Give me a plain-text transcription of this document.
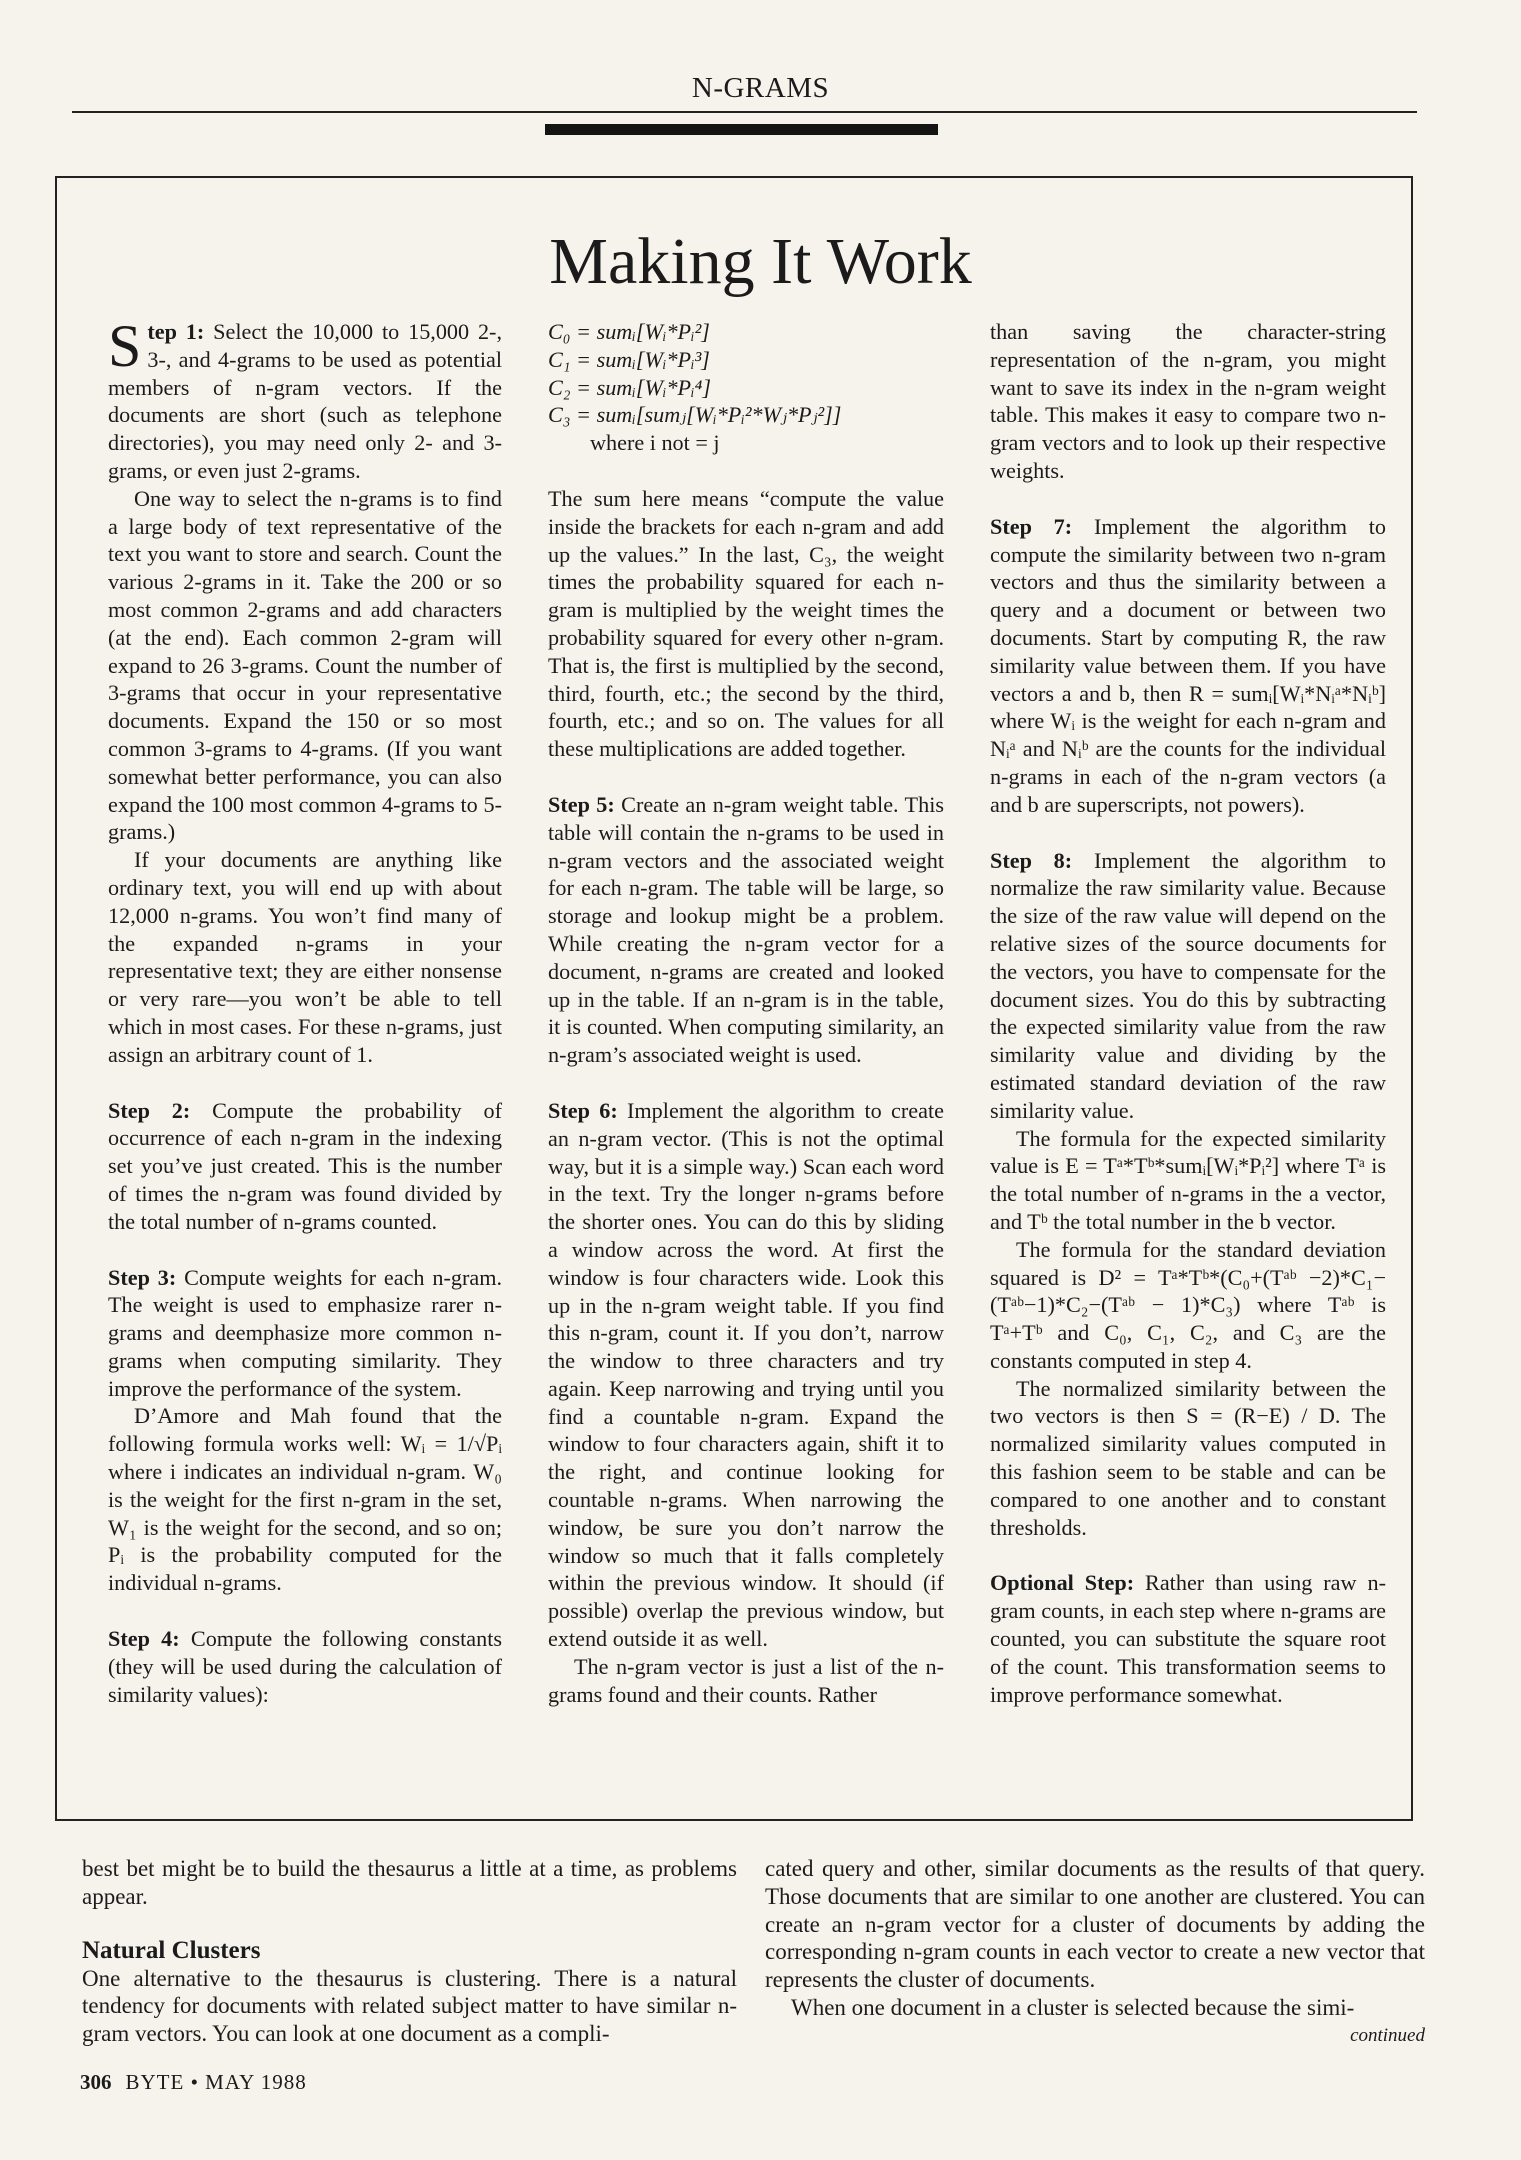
N-GRAMS
Making It Work

Step 1: Select the 10,000 to 15,000 2-, 3-, and 4-grams to be used as potential members of n-gram vectors. If the documents are short (such as telephone directories), you may need only 2- and 3-grams, or even just 2-grams.

One way to select the n-grams is to find a large body of text representative of the text you want to store and search. Count the various 2-grams in it. Take the 200 or so most common 2-grams and add characters (at the end). Each common 2-gram will expand to 26 3-grams. Count the number of 3-grams that occur in your representative documents. Expand the 150 or so most common 3-grams to 4-grams. (If you want somewhat better performance, you can also expand the 100 most common 4-grams to 5-grams.)

If your documents are anything like ordinary text, you will end up with about 12,000 n-grams. You won’t find many of the expanded n-grams in your representative text; they are either nonsense or very rare—you won’t be able to tell which in most cases. For these n-grams, just assign an arbitrary count of 1.

Step 2: Compute the probability of occurrence of each n-gram in the indexing set you’ve just created. This is the number of times the n-gram was found divided by the total number of n-grams counted.

Step 3: Compute weights for each n-gram. The weight is used to emphasize rarer n-grams and deemphasize more common n-grams when computing similarity. They improve the performance of the system.

D’Amore and Mah found that the following formula works well: Wᵢ = 1/√Pᵢ where i indicates an individual n-gram. W₀ is the weight for the first n-gram in the set, W₁ is the weight for the second, and so on; Pᵢ is the probability computed for the individual n-grams.

Step 4: Compute the following constants (they will be used during the calculation of similarity values):

C₀ = sumᵢ[Wᵢ*Pᵢ²]
C₁ = sumᵢ[Wᵢ*Pᵢ³]
C₂ = sumᵢ[Wᵢ*Pᵢ⁴]
C₃ = sumᵢ[sumⱼ[Wᵢ*Pᵢ²*Wⱼ*Pⱼ²]]
where i not = j

The sum here means “compute the value inside the brackets for each n-gram and add up the values.” In the last, C₃, the weight times the probability squared for each n-gram is multiplied by the weight times the probability squared for every other n-gram. That is, the first is multiplied by the second, third, fourth, etc.; the second by the third, fourth, etc.; and so on. The values for all these multiplications are added together.

Step 5: Create an n-gram weight table. This table will contain the n-grams to be used in n-gram vectors and the associated weight for each n-gram. The table will be large, so storage and lookup might be a problem. While creating the n-gram vector for a document, n-grams are created and looked up in the table. If an n-gram is in the table, it is counted. When computing similarity, an n-gram’s associated weight is used.

Step 6: Implement the algorithm to create an n-gram vector. (This is not the optimal way, but it is a simple way.) Scan each word in the text. Try the longer n-grams before the shorter ones. You can do this by sliding a window across the word. At first the window is four characters wide. Look this up in the n-gram weight table. If you find this n-gram, count it. If you don’t, narrow the window to three characters and try again. Keep narrowing and trying until you find a countable n-gram. Expand the window to four characters again, shift it to the right, and continue looking for countable n-grams. When narrowing the window, be sure you don’t narrow the window so much that it falls completely within the previous window. It should (if possible) overlap the previous window, but extend outside it as well.

The n-gram vector is just a list of the n-grams found and their counts. Rather

than saving the character-string representation of the n-gram, you might want to save its index in the n-gram weight table. This makes it easy to compare two n-gram vectors and to look up their respective weights.

Step 7: Implement the algorithm to compute the similarity between two n-gram vectors and thus the similarity between a query and a document or between two documents. Start by computing R, the raw similarity value between them. If you have vectors a and b, then R = sumᵢ[Wᵢ*Nᵢᵃ*Nᵢᵇ] where Wᵢ is the weight for each n-gram and Nᵢᵃ and Nᵢᵇ are the counts for the individual n-grams in each of the n-gram vectors (a and b are superscripts, not powers).

Step 8: Implement the algorithm to normalize the raw similarity value. Because the size of the raw value will depend on the relative sizes of the source documents for the vectors, you have to compensate for the document sizes. You do this by subtracting the expected similarity value from the raw similarity value and dividing by the estimated standard deviation of the raw similarity value.

The formula for the expected similarity value is E = Tᵃ*Tᵇ*sumᵢ[Wᵢ*Pᵢ²] where Tᵃ is the total number of n-grams in the a vector, and Tᵇ the total number in the b vector.

The formula for the standard deviation squared is D² = Tᵃ*Tᵇ*(C₀+(Tᵃᵇ −2)*C₁−(Tᵃᵇ−1)*C₂−(Tᵃᵇ − 1)*C₃) where Tᵃᵇ is Tᵃ+Tᵇ and C₀, C₁, C₂, and C₃ are the constants computed in step 4.

The normalized similarity between the two vectors is then S = (R−E) / D. The normalized similarity values computed in this fashion seem to be stable and can be compared to one another and to constant thresholds.

Optional Step: Rather than using raw n-gram counts, in each step where n-grams are counted, you can substitute the square root of the count. This transformation seems to improve performance somewhat.

best bet might be to build the thesaurus a little at a time, as problems appear.

Natural Clusters

One alternative to the thesaurus is clustering. There is a natural tendency for documents with related subject matter to have similar n-gram vectors. You can look at one document as a compli-

cated query and other, similar documents as the results of that query. Those documents that are similar to one another are clustered. You can create an n-gram vector for a cluster of documents by adding the corresponding n-gram counts in each vector to create a new vector that represents the cluster of documents.

When one document in a cluster is selected because the simi-

continued
306 BYTE • MAY 1988
